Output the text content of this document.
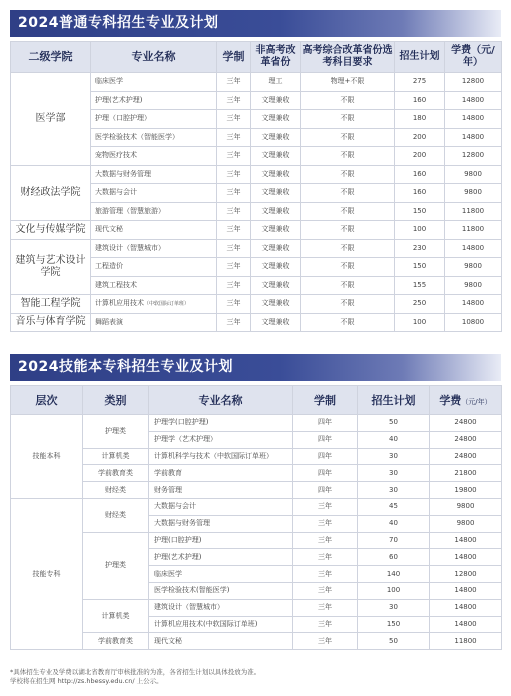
2024普通专科招生专业及计划
二级学院	专业名称	学制	非高考改革省份	高考综合改革省份选考科目要求	招生计划	学费（元/年）
医学部	临床医学	三年	理工	物理+不限	275	12800
	护理(艺术护理)	三年	文理兼收	不限	160	14800
	护理（口腔护理）	三年	文理兼收	不限	180	14800
	医学检验技术（智能医学）	三年	文理兼收	不限	200	14800
	宠物医疗技术	三年	文理兼收	不限	200	12800
财经政法学院	大数据与财务管理	三年	文理兼收	不限	160	9800
	大数据与会计	三年	文理兼收	不限	160	9800
	旅游管理（智慧旅游）	三年	文理兼收	不限	150	11800
文化与传媒学院	现代文秘	三年	文理兼收	不限	100	11800
建筑与艺术设计学院	建筑设计（智慧城市）	三年	文理兼收	不限	230	14800
	工程造价	三年	文理兼收	不限	150	9800
	建筑工程技术	三年	文理兼收	不限	155	9800
智能工程学院	计算机应用技术（中软国际订单班）	三年	文理兼收	不限	250	14800
音乐与体育学院	舞蹈表演	三年	文理兼收	不限	100	10800
2024技能本专科招生专业及计划
层次	类别	专业名称	学制	招生计划	学费（元/年）
技能本科	护理类	护理学(口腔护理)	四年	50	24800
		护理学（艺术护理）	四年	40	24800
	计算机类	计算机科学与技术（中软国际订单班）	四年	30	24800
	学前教育类	学前教育	四年	30	21800
	财经类	财务管理	四年	30	19800
技能专科	财经类	大数据与会计	三年	45	9800
		大数据与财务管理	三年	40	9800
	护理类	护理(口腔护理)	三年	70	14800
		护理(艺术护理)	三年	60	14800
		临床医学	三年	140	12800
		医学检验技术(智能医学)	三年	100	14800
	计算机类	建筑设计（智慧城市）	三年	30	14800
		计算机应用技术(中软国际订单班)	三年	150	14800
	学前教育类	现代文秘	三年	50	11800
*具体招生专业及学费以湖北省教育厅审核批准的为准，各省招生计划以具体投放为准。
学校将在招生网 http://zs.hbessy.edu.cn/ 上公示。
